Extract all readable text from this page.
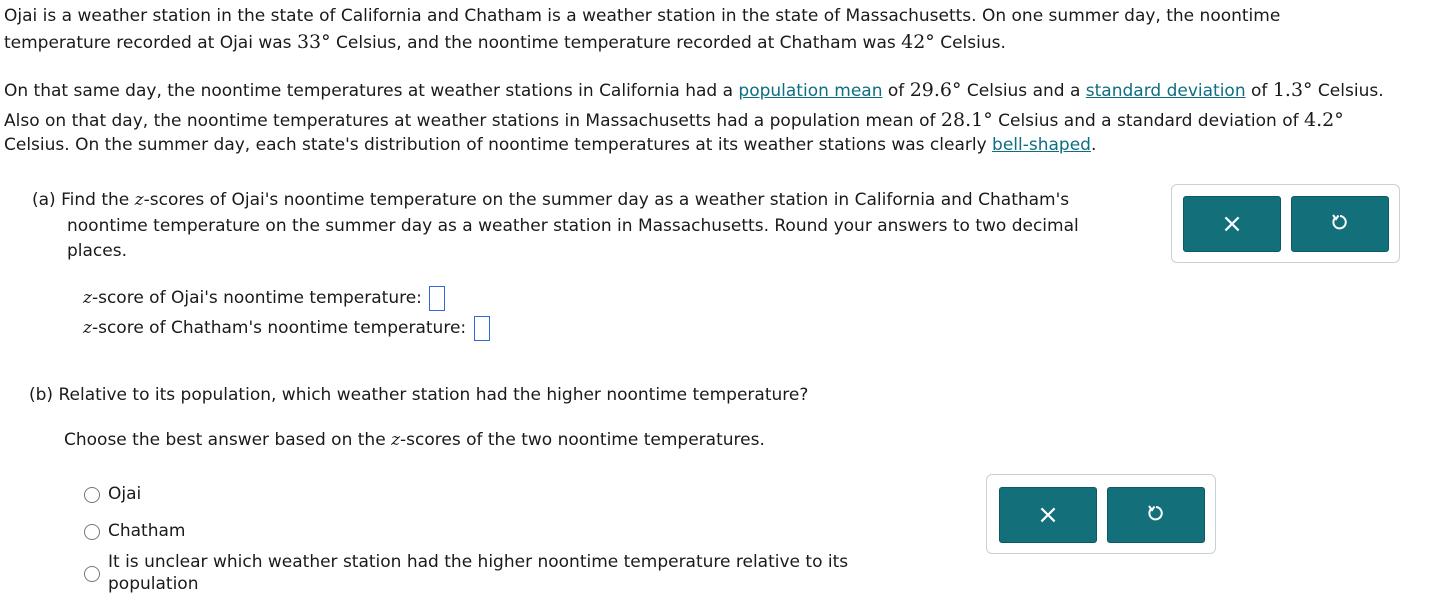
Ojai is a weather station in the state of California and Chatham is a weather station in the state of Massachusetts. On one summer day, the noontime
temperature recorded at Ojai was 33° Celsius, and the noontime temperature recorded at Chatham was 42° Celsius.
On that same day, the noontime temperatures at weather stations in California had a population mean of 29.6° Celsius and a standard deviation of 1.3° Celsius.
Also on that day, the noontime temperatures at weather stations in Massachusetts had a population mean of 28.1° Celsius and a standard deviation of 4.2°
Celsius. On the summer day, each state's distribution of noontime temperatures at its weather stations was clearly bell-shaped.
(a) Find the z-scores of Ojai's noontime temperature on the summer day as a weather station in California and Chatham's
noontime temperature on the summer day as a weather station in Massachusetts. Round your answers to two decimal
places.
z-score of Ojai's noontime temperature:
z-score of Chatham's noontime temperature:
×
(b) Relative to its population, which weather station had the higher noontime temperature?
Choose the best answer based on the z-scores of the two noontime temperatures.
Ojai
Chatham
It is unclear which weather station had the higher noontime temperature relative to its
population
×
